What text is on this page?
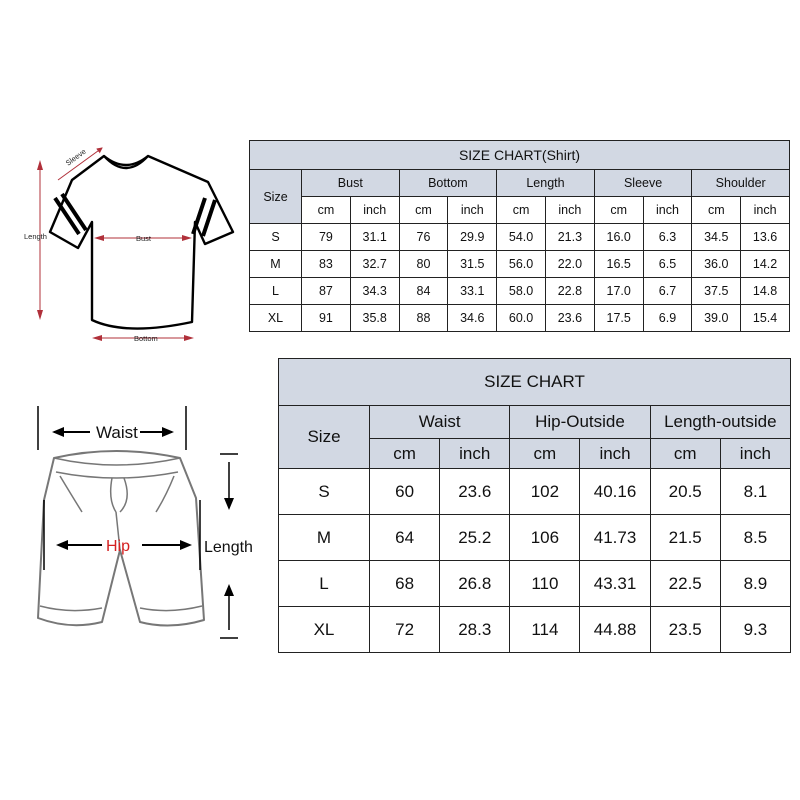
Sleeve
Length	Bust
Bottom
SIZE CHART(Shirt)										
Size	Bust		Bottom		Length		Sleeve		Shoulder	
	cm	inch	cm	inch	cm	inch	cm	inch	cm	inch
S	79	31.1	76	29.9	54.0	21.3	16.0	6.3	34.5	13.6
M	83	32.7	80	31.5	56.0	22.0	16.5	6.5	36.0	14.2
L	87	34.3	84	33.1	58.0	22.8	17.0	6.7	37.5	14.8
XL	91	35.8	88	34.6	60.0	23.6	17.5	6.9	39.0	15.4
Waist
Hip	Length
SIZE CHART						
Size	Waist		Hip-Outside		Length-outside	
	cm	inch	cm	inch	cm	inch
S	60	23.6	102	40.16	20.5	8.1
M	64	25.2	106	41.73	21.5	8.5
L	68	26.8	110	43.31	22.5	8.9
XL	72	28.3	114	44.88	23.5	9.3
